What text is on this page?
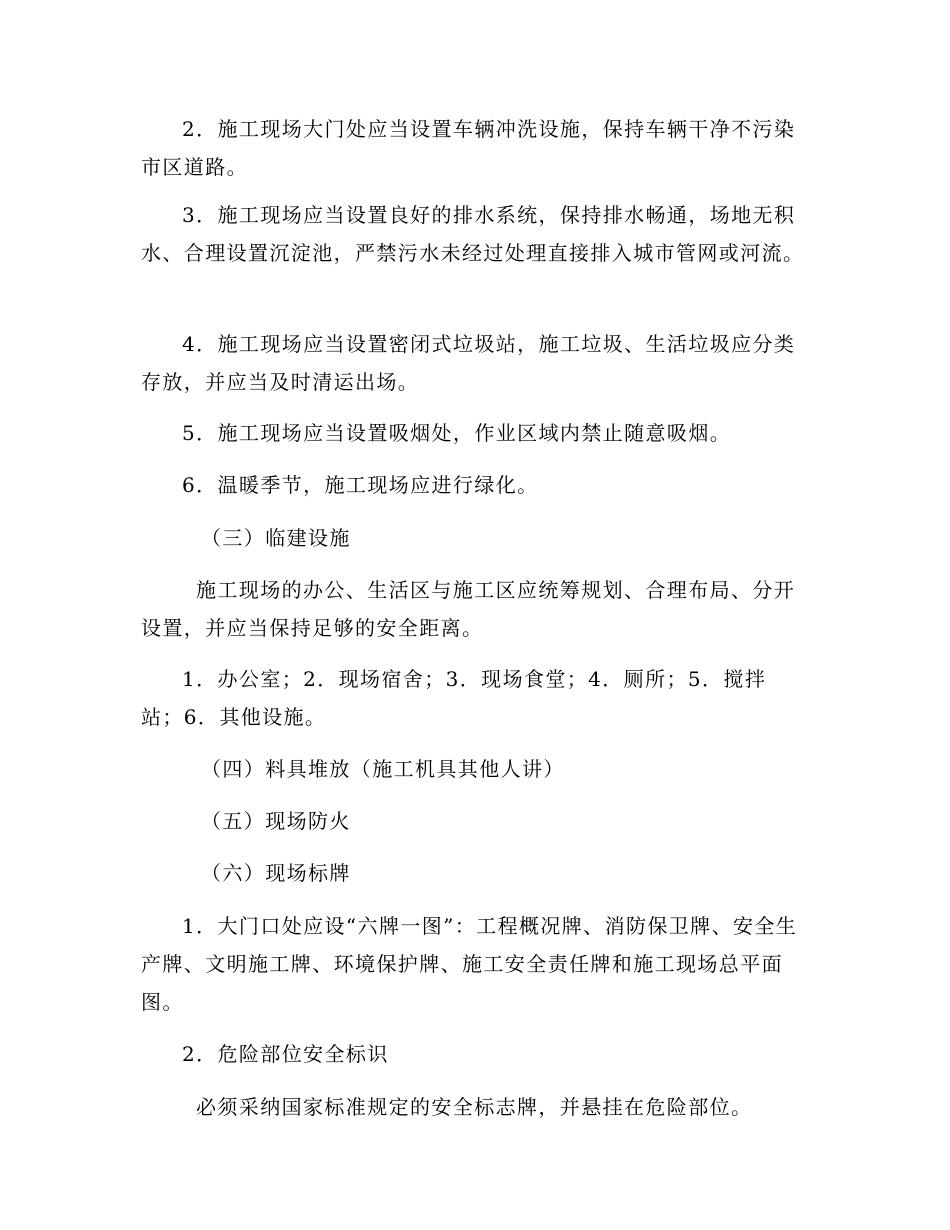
2．施工现场大门处应当设置车辆冲洗设施，保持车辆干净不污染市区道路。

3．施工现场应当设置良好的排水系统，保持排水畅通，场地无积水、合理设置沉淀池，严禁污水未经过处理直接排入城市管网或河流。

4．施工现场应当设置密闭式垃圾站，施工垃圾、生活垃圾应分类存放，并应当及时清运出场。

5．施工现场应当设置吸烟处，作业区域内禁止随意吸烟。

6．温暖季节，施工现场应进行绿化。

（三）临建设施

施工现场的办公、生活区与施工区应统筹规划、合理布局、分开设置，并应当保持足够的安全距离。

1．办公室；2．现场宿舍；3．现场食堂；4．厕所；5．搅拌站；6．其他设施。

（四）料具堆放（施工机具其他人讲）

（五）现场防火

（六）现场标牌

1．大门口处应设“六牌一图”：工程概况牌、消防保卫牌、安全生产牌、文明施工牌、环境保护牌、施工安全责任牌和施工现场总平面图。

2．危险部位安全标识

必须采纳国家标准规定的安全标志牌，并悬挂在危险部位。
